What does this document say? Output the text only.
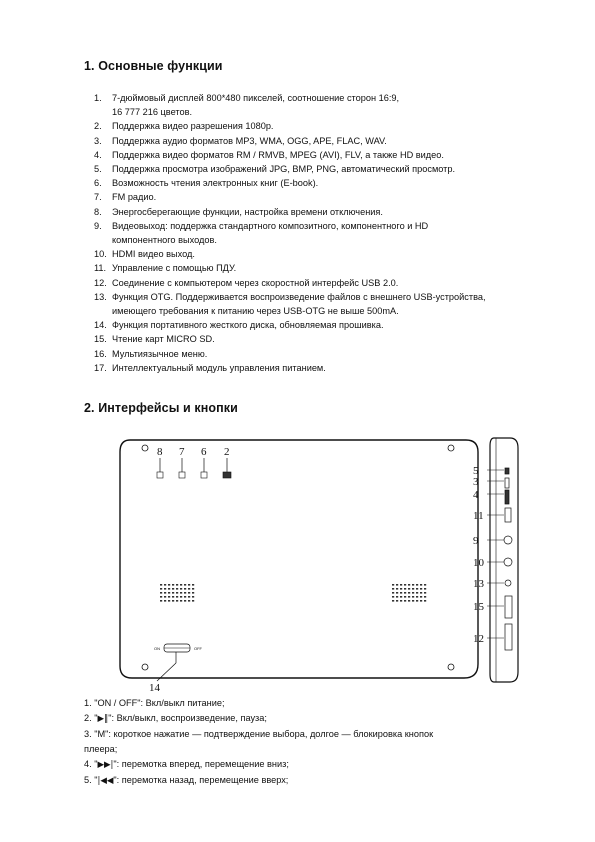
1. Основные функции
1.	7-дюймовый дисплей 800*480 пикселей, соотношение сторон 16:9,
16 777 216 цветов.
2.	Поддержка видео разрешения 1080p.
3.	Поддержка аудио форматов MP3, WMA, OGG, APE, FLAC, WAV.
4.	Поддержка видео форматов RM / RMVB, MPEG (AVI), FLV, а также HD видео.
5.	Поддержка просмотра изображений JPG, BMP, PNG, автоматический просмотр.
6.	Возможность чтения электронных книг (E-book).
7.	FM радио.
8.	Энергосберегающие функции, настройка времени отключения.
9.	Видеовыход: поддержка стандартного композитного, компонентного и HD
компонентного выходов.
10. HDMI видео выход.
11. Управление с помощью ПДУ.
12. Соединение с компьютером через скоростной интерфейс USB 2.0.
13. Функция OTG. Поддерживается воспроизведение файлов с внешнего USB-устройства,
имеющего требования к питанию через USB-OTG не выше 500mA.
14. Функция портативного жесткого диска, обновляемая прошивка.
15. Чтение карт MICRO SD.
16. Мультиязычное меню.
17. Интеллектуальный модуль управления питанием.
2. Интерфейсы и кнопки
8 7 6 2
ON	OFF
14
5
3
4
11
9
10
13
15
12
1. "ON / OFF": Вкл/выкл питание;
2. "▶‖": Вкл/выкл, воспроизведение, пауза;
3. "M": короткое нажатие — подтверждение выбора, долгое — блокировка кнопок
плеера;
4. "▶▶|": перемотка вперед, перемещение вниз;
5. "|◀◀": перемотка назад, перемещение вверх;
